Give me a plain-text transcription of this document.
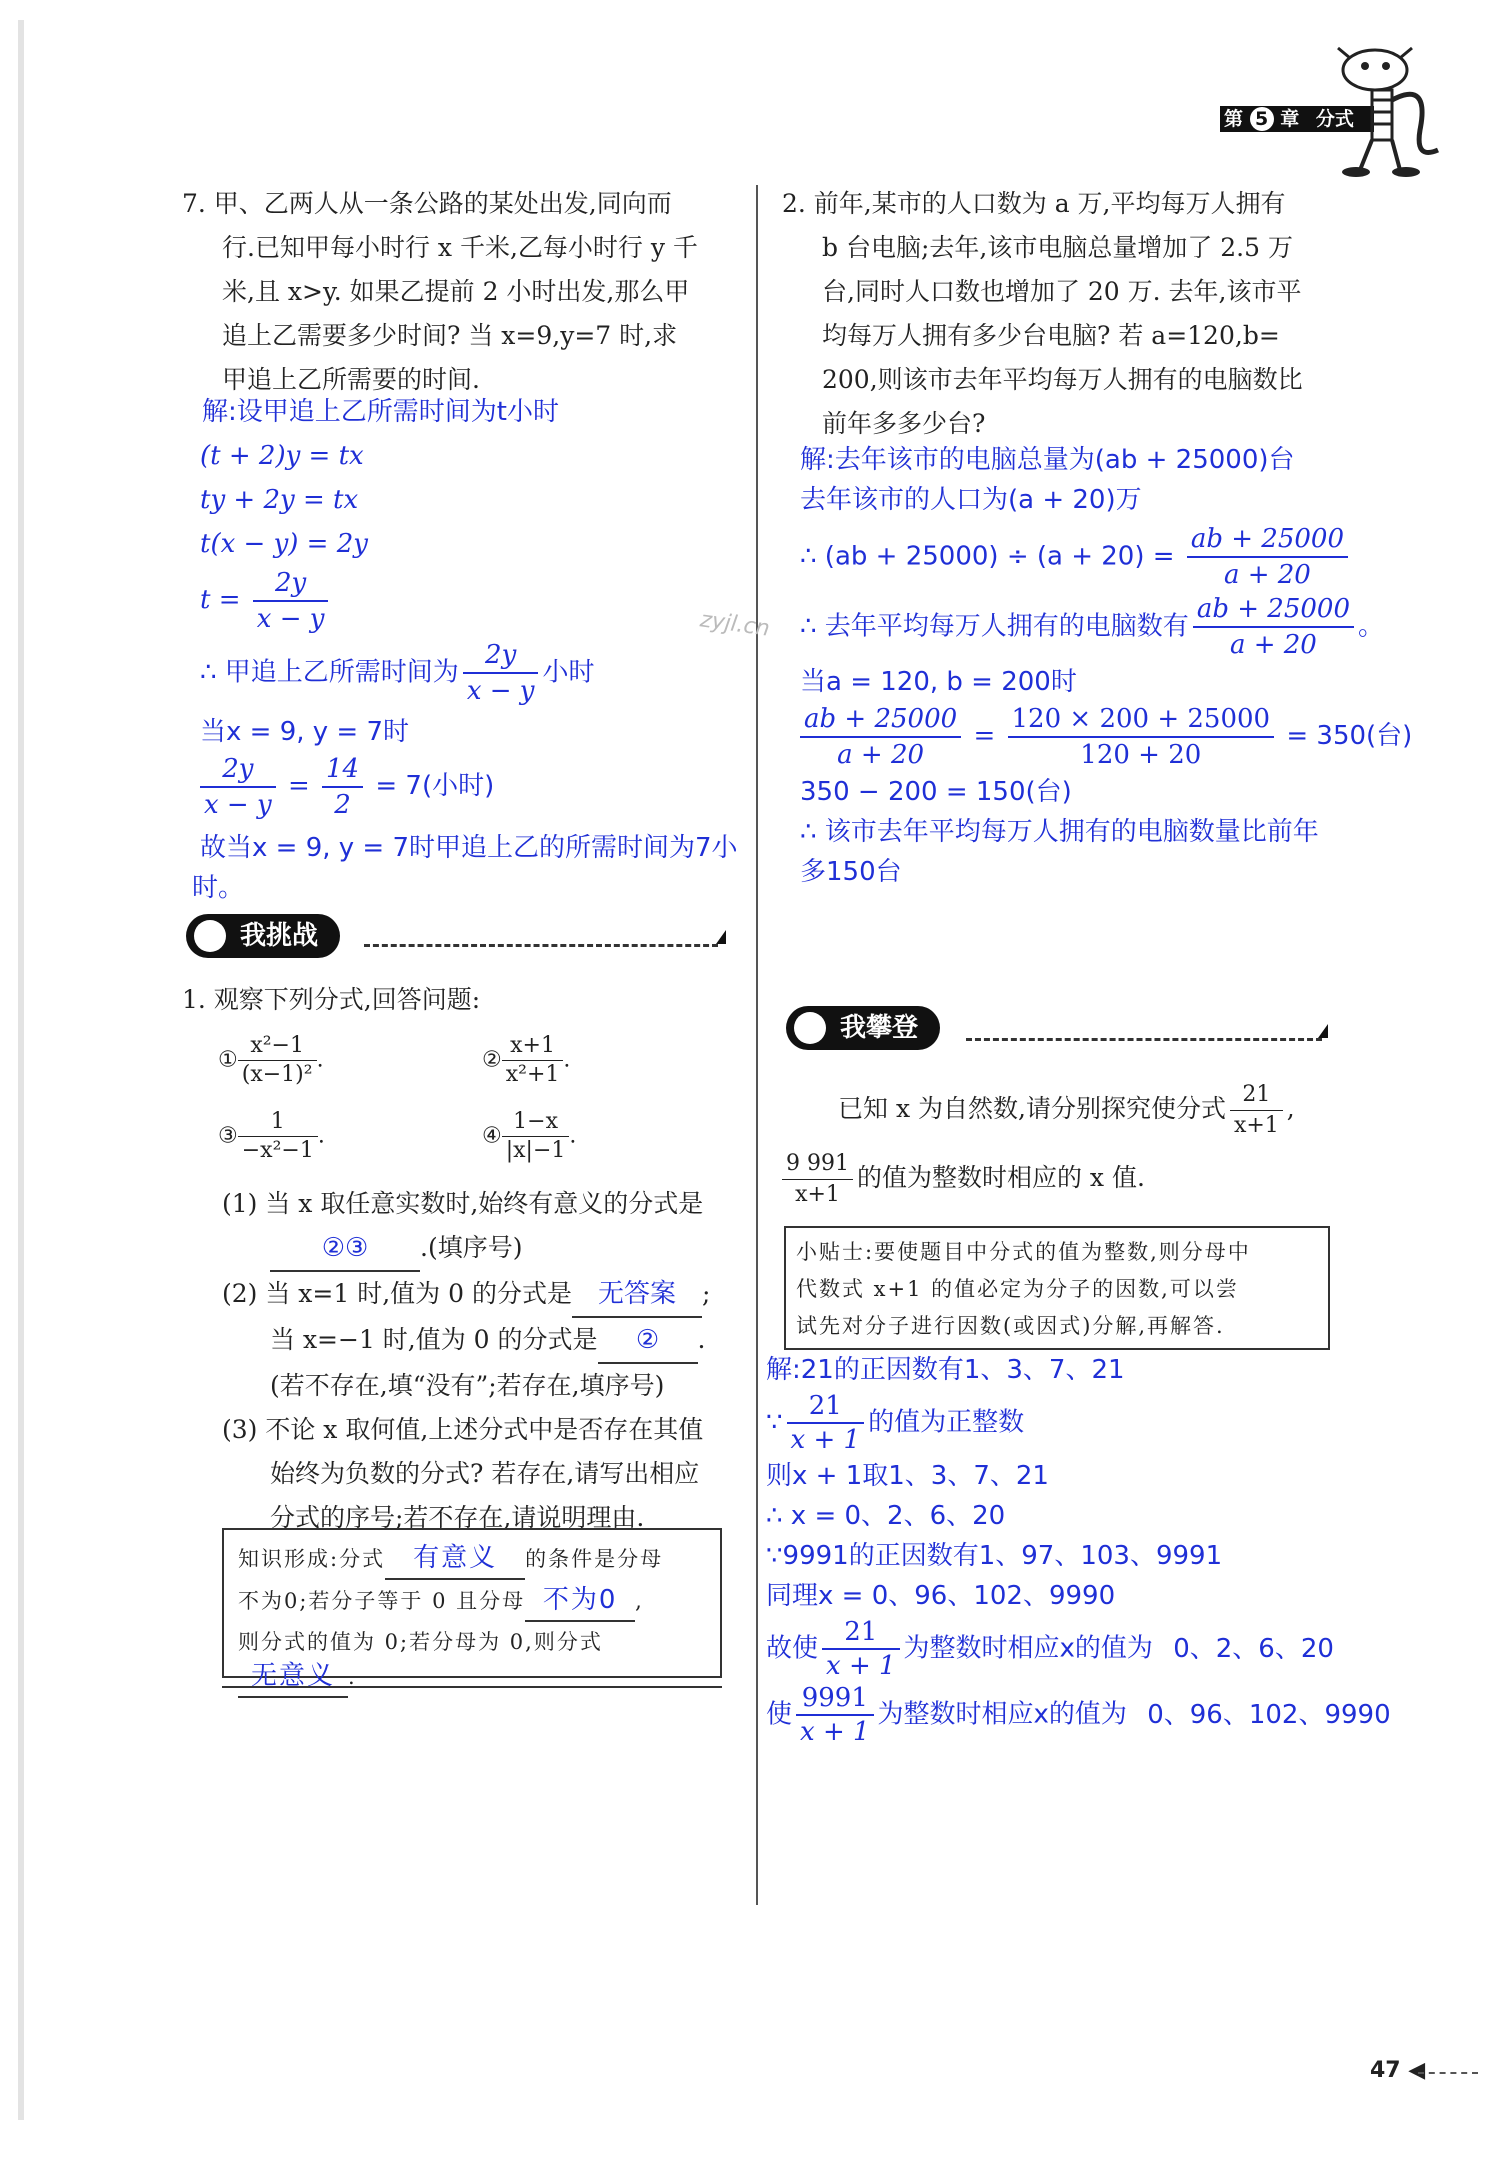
第 5 章 分式
7. 甲、乙两人从一条公路的某处出发,同向而
行.已知甲每小时行 x 千米,乙每小时行 y 千
米,且 x>y. 如果乙提前 2 小时出发,那么甲
追上乙需要多少时间? 当 x=9,y=7 时,求
甲追上乙所需要的时间.
解:设甲追上乙所需时间为t小时
(t + 2)y = tx
ty + 2y = tx
t(x − y) = 2y
$t = \frac{2y}{x - y}$
∴ 甲追上乙所需时间为 $\frac{2y}{x - y}$ 小时
当x = 9, y = 7时
$\frac{2y}{x - y} = \frac{14}{2} = 7$(小时)
故当x = 9, y = 7时甲追上乙的所需时间为7小
时。
我挑战
1. 观察下列分式,回答问题:
① $\frac{\text{x²−1}}{\text{(x−1)²}}$ .	② $\frac{x+1}{\text{x²+1}}$ .
③ $\frac{1}{\text{−x²−1}}$ .	④ $\frac{1-x}{|x|-1}$ .
(1) 当 x 取任意实数时,始终有意义的分式是
②③ .(填序号)
(2) 当 x=1 时,值为 0 的分式是 无答案 ;
当 x=−1 时,值为 0 的分式是 ② .
(若不存在,填“没有”;若存在,填序号)
(3) 不论 x 取何值,上述分式中是否存在其值
始终为负数的分式? 若存在,请写出相应
分式的序号;若不存在,请说明理由.
知识形成:分式 有意义 的条件是分母
不为0;若分子等于 0 且分母 不为0 ,
则分式的值为 0;若分母为 0,则分式
无意义 .
2. 前年,某市的人口数为 a 万,平均每万人拥有
b 台电脑;去年,该市电脑总量增加了 2.5 万
台,同时人口数也增加了 20 万. 去年,该市平
均每万人拥有多少台电脑? 若 a=120,b=
200,则该市去年平均每万人拥有的电脑数比
前年多多少台?
解:去年该市的电脑总量为(ab + 25000)台
去年该市的人口为(a + 20)万
∴ $(ab + 25000) \div (a + 20) = \frac{ab + 25000}{a + 20}$
∴ 去年平均每万人拥有的电脑数有 $\frac{ab + 25000}{a + 20}$ 。
当a = 120, b = 200时
$\frac{ab + 25000}{a + 20} = \frac{120 \times 200 + 25000}{120 + 20} = 350$(台)
350 − 200 = 150(台)
∴ 该市去年平均每万人拥有的电脑数量比前年
多150台
zyjl.cn
我攀登
已知 x 为自然数,请分别探究使分式 $\frac{21}{x+1}$ ,
$\frac{9 991}{x+1}$ 的值为整数时相应的 x 值.
小贴士:要使题目中分式的值为整数,则分母中
代数式 x+1 的值必定为分子的因数,可以尝
试先对分子进行因数(或因式)分解,再解答.
解:21的正因数有1、3、7、21
∵ $\frac{21}{x + 1}$ 的值为正整数
则x + 1取1、3、7、21
∴ x = 0、2、6、20
∵9991的正因数有1、97、103、9991
同理x = 0、96、102、9990
故使 $\frac{21}{x + 1}$ 为整数时相应x的值为 0、2、6、20
使 $\frac{9991}{x + 1}$ 为整数时相应x的值为 0、96、102、9990
47 ◀
